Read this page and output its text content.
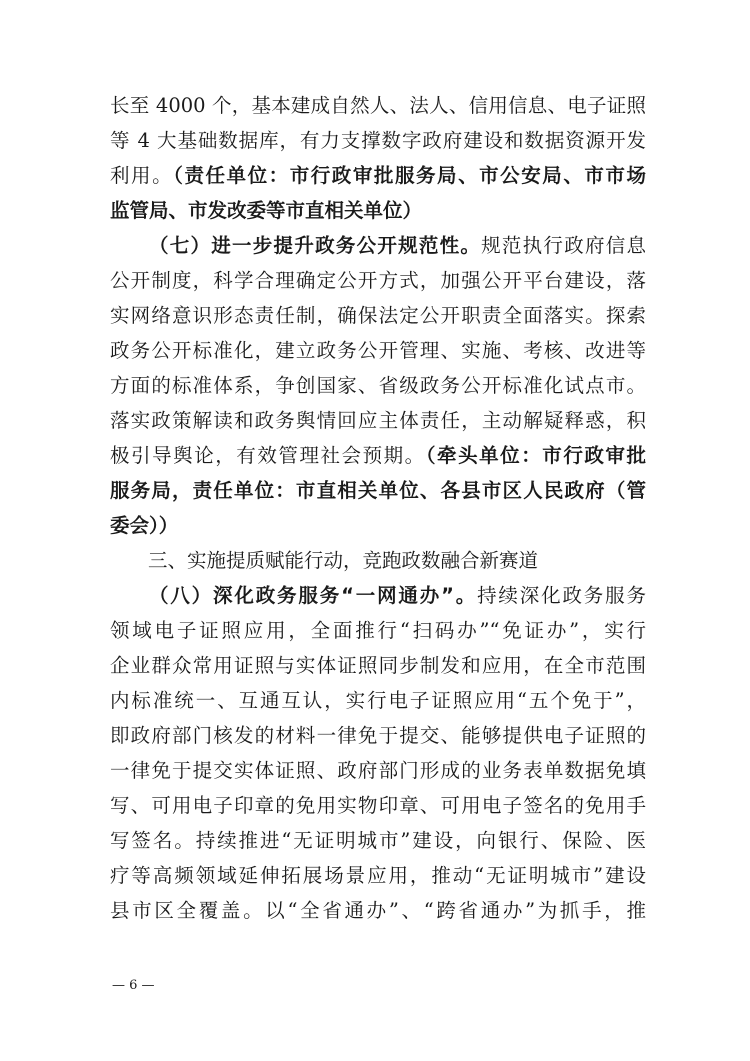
长至 4000 个，基本建成自然人、法人、信用信息、电子证照
等 4 大基础数据库，有力支撑数字政府建设和数据资源开发
利用。（责任单位：市行政审批服务局、市公安局、市市场
监管局、市发改委等市直相关单位）
（七）进一步提升政务公开规范性。规范执行政府信息
公开制度，科学合理确定公开方式，加强公开平台建设，落
实网络意识形态责任制，确保法定公开职责全面落实。探索
政务公开标准化，建立政务公开管理、实施、考核、改进等
方面的标准体系，争创国家、省级政务公开标准化试点市。
落实政策解读和政务舆情回应主体责任，主动解疑释惑，积
极引导舆论，有效管理社会预期。（牵头单位：市行政审批
服务局，责任单位：市直相关单位、各县市区人民政府（管
委会））
三、实施提质赋能行动，竞跑政数融合新赛道
（八）深化政务服务“一网通办”。持续深化政务服务
领域电子证照应用，全面推行“扫码办”“免证办”，实行
企业群众常用证照与实体证照同步制发和应用，在全市范围
内标准统一、互通互认，实行电子证照应用“五个免于”，
即政府部门核发的材料一律免于提交、能够提供电子证照的
一律免于提交实体证照、政府部门形成的业务表单数据免填
写、可用电子印章的免用实物印章、可用电子签名的免用手
写签名。持续推进“无证明城市”建设，向银行、保险、医
疗等高频领域延伸拓展场景应用，推动“无证明城市”建设
县市区全覆盖。以“全省通办”、“跨省通办”为抓手，推
— 6 —
